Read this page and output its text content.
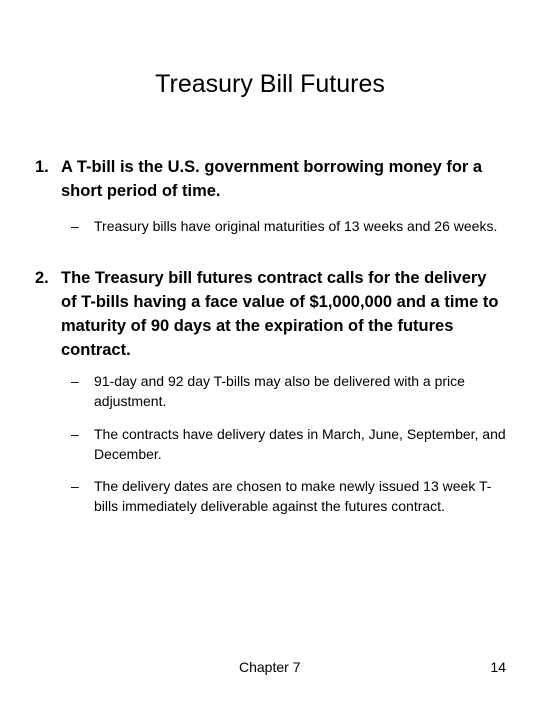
Treasury Bill Futures
1. A T-bill is the U.S. government borrowing money for a short period of time.
– Treasury bills have original maturities of 13 weeks and 26 weeks.
2. The Treasury bill futures contract calls for the delivery of T-bills having a face value of $1,000,000 and a time to maturity of 90 days at the expiration of the futures contract.
– 91-day and 92 day T-bills may also be delivered with a price adjustment.
– The contracts have delivery dates in March, June, September, and December.
– The delivery dates are chosen to make newly issued 13 week T-bills immediately deliverable against the futures contract.
Chapter 7	14
